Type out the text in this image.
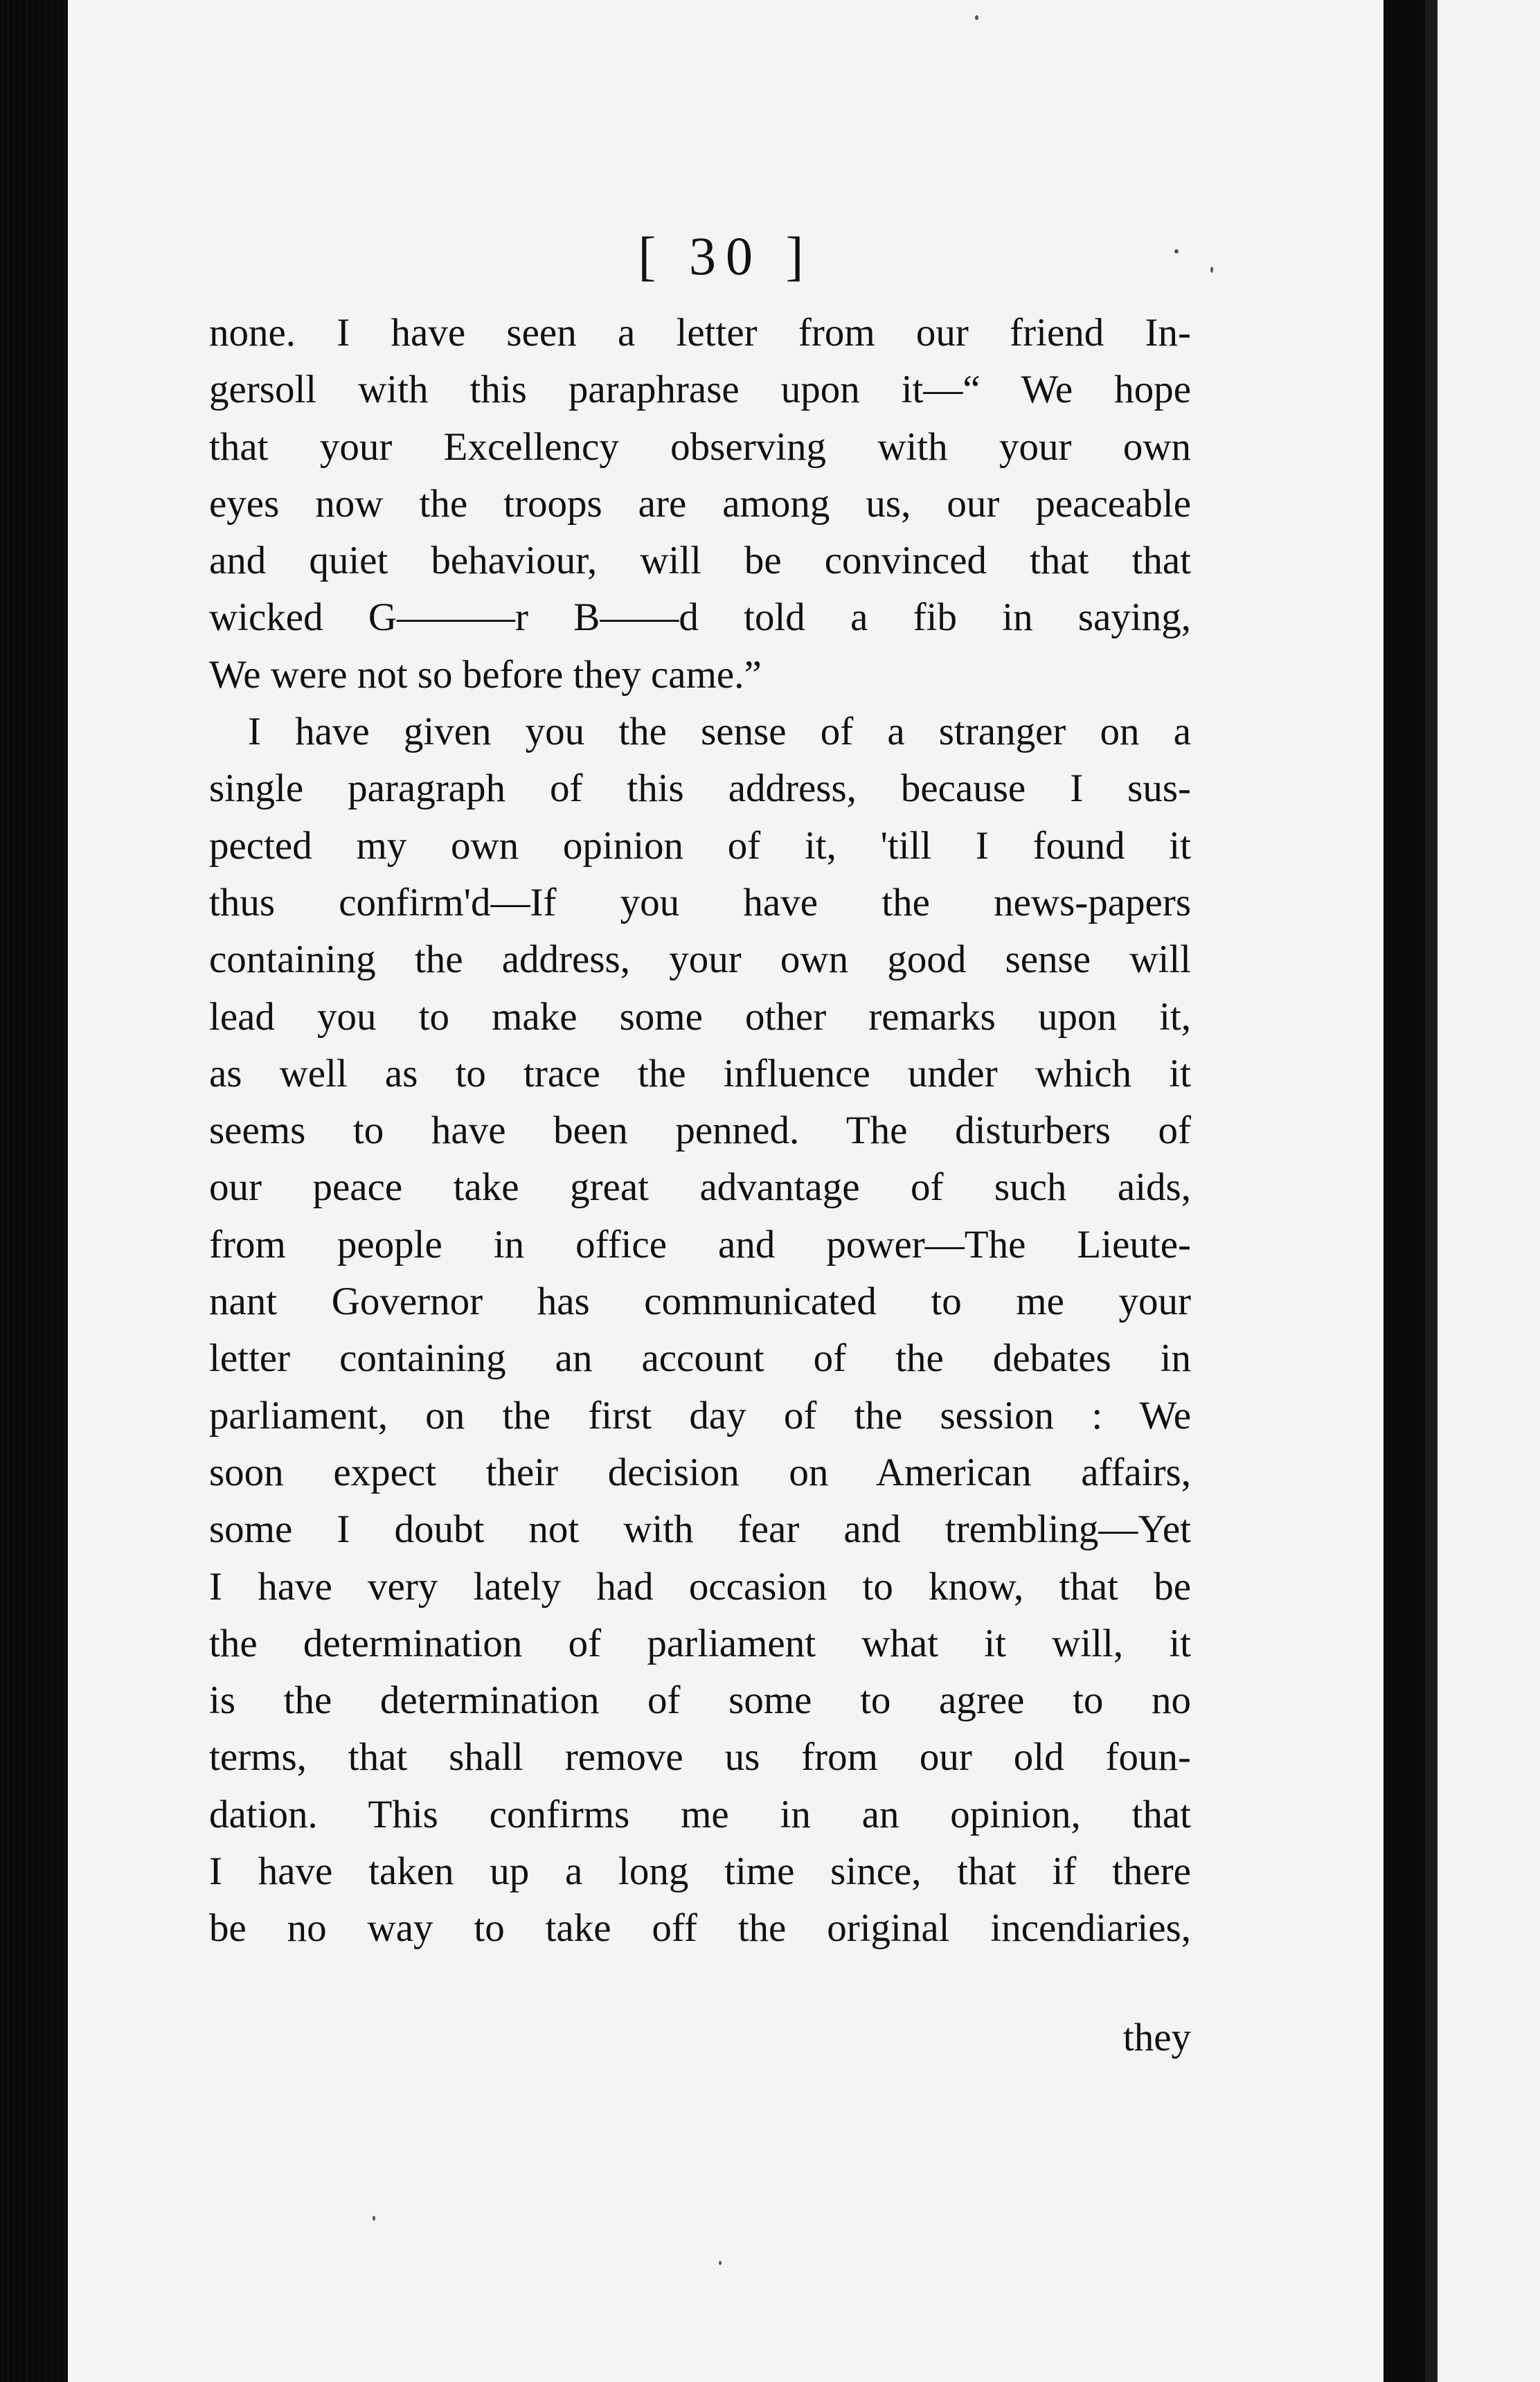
[ 30 ]
none. I have seen a letter from our friend In-
gersoll with this paraphrase upon it—“ We hope
that your Excellency observing with your own
eyes now the troops are among us, our peaceable
and quiet behaviour, will be convinced that that
wicked G———r B——d told a fib in saying,
We were not so before they came.”
I have given you the sense of a stranger on a
single paragraph of this address, because I sus-
pected my own opinion of it, 'till I found it
thus confirm'd—If you have the news-papers
containing the address, your own good sense will
lead you to make some other remarks upon it,
as well as to trace the influence under which it
seems to have been penned. The disturbers of
our peace take great advantage of such aids,
from people in office and power—The Lieute-
nant Governor has communicated to me your
letter containing an account of the debates in
parliament, on the first day of the session : We
soon expect their decision on American affairs,
some I doubt not with fear and trembling—Yet
I have very lately had occasion to know, that be
the determination of parliament what it will, it
is the determination of some to agree to no
terms, that shall remove us from our old foun-
dation. This confirms me in an opinion, that
I have taken up a long time since, that if there
be no way to take off the original incendiaries,
they
